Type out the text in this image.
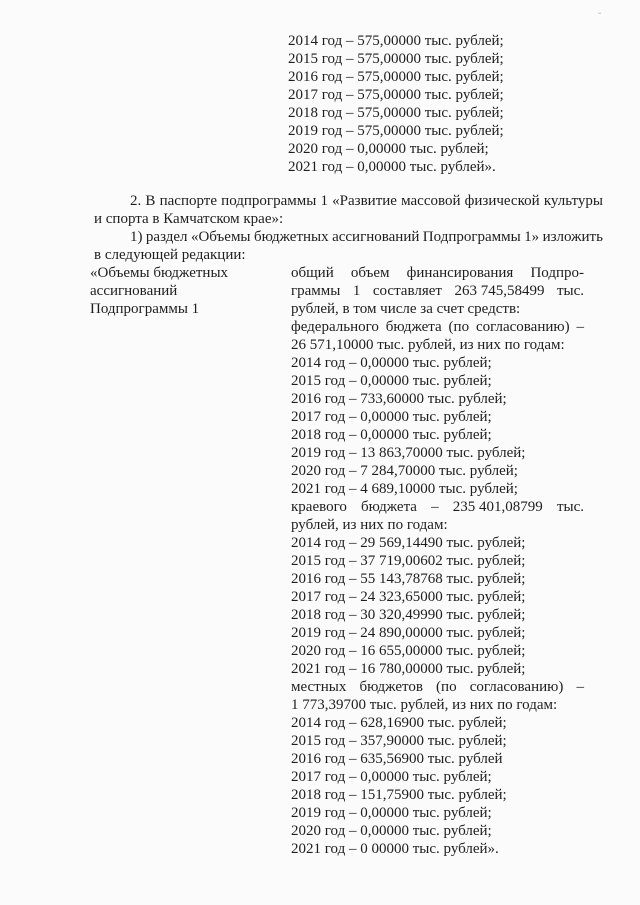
ˇ
2014 год – 575,00000 тыс. рублей;
2015 год – 575,00000 тыс. рублей;
2016 год – 575,00000 тыс. рублей;
2017 год – 575,00000 тыс. рублей;
2018 год – 575,00000 тыс. рублей;
2019 год – 575,00000 тыс. рублей;
2020 год – 0,00000 тыс. рублей;
2021 год – 0,00000 тыс. рублей».
2. В паспорте подпрограммы 1 «Развитие массовой физической культуры
и спорта в Камчатском крае»:
1) раздел «Объемы бюджетных ассигнований Подпрограммы 1» изложить
в следующей редакции:
«Объемы бюджетных
ассигнований
Подпрограммы 1
общий объем финансирования Подпро-
граммы 1 составляет 263 745,58499 тыс.
рублей, в том числе за счет средств:
федерального бюджета (по согласованию) –
26 571,10000 тыс. рублей, из них по годам:
2014 год – 0,00000 тыс. рублей;
2015 год – 0,00000 тыс. рублей;
2016 год – 733,60000 тыс. рублей;
2017 год – 0,00000 тыс. рублей;
2018 год – 0,00000 тыс. рублей;
2019 год – 13 863,70000 тыс. рублей;
2020 год – 7 284,70000 тыс. рублей;
2021 год – 4 689,10000 тыс. рублей;
краевого бюджета – 235 401,08799 тыс.
рублей, из них по годам:
2014 год – 29 569,14490 тыс. рублей;
2015 год – 37 719,00602 тыс. рублей;
2016 год – 55 143,78768 тыс. рублей;
2017 год – 24 323,65000 тыс. рублей;
2018 год – 30 320,49990 тыс. рублей;
2019 год – 24 890,00000 тыс. рублей;
2020 год – 16 655,00000 тыс. рублей;
2021 год – 16 780,00000 тыс. рублей;
местных бюджетов (по согласованию) –
1 773,39700 тыс. рублей, из них по годам:
2014 год – 628,16900 тыс. рублей;
2015 год – 357,90000 тыс. рублей;
2016 год – 635,56900 тыс. рублей
2017 год – 0,00000 тыс. рублей;
2018 год – 151,75900 тыс. рублей;
2019 год – 0,00000 тыс. рублей;
2020 год – 0,00000 тыс. рублей;
2021 год – 0 00000 тыс. рублей».
